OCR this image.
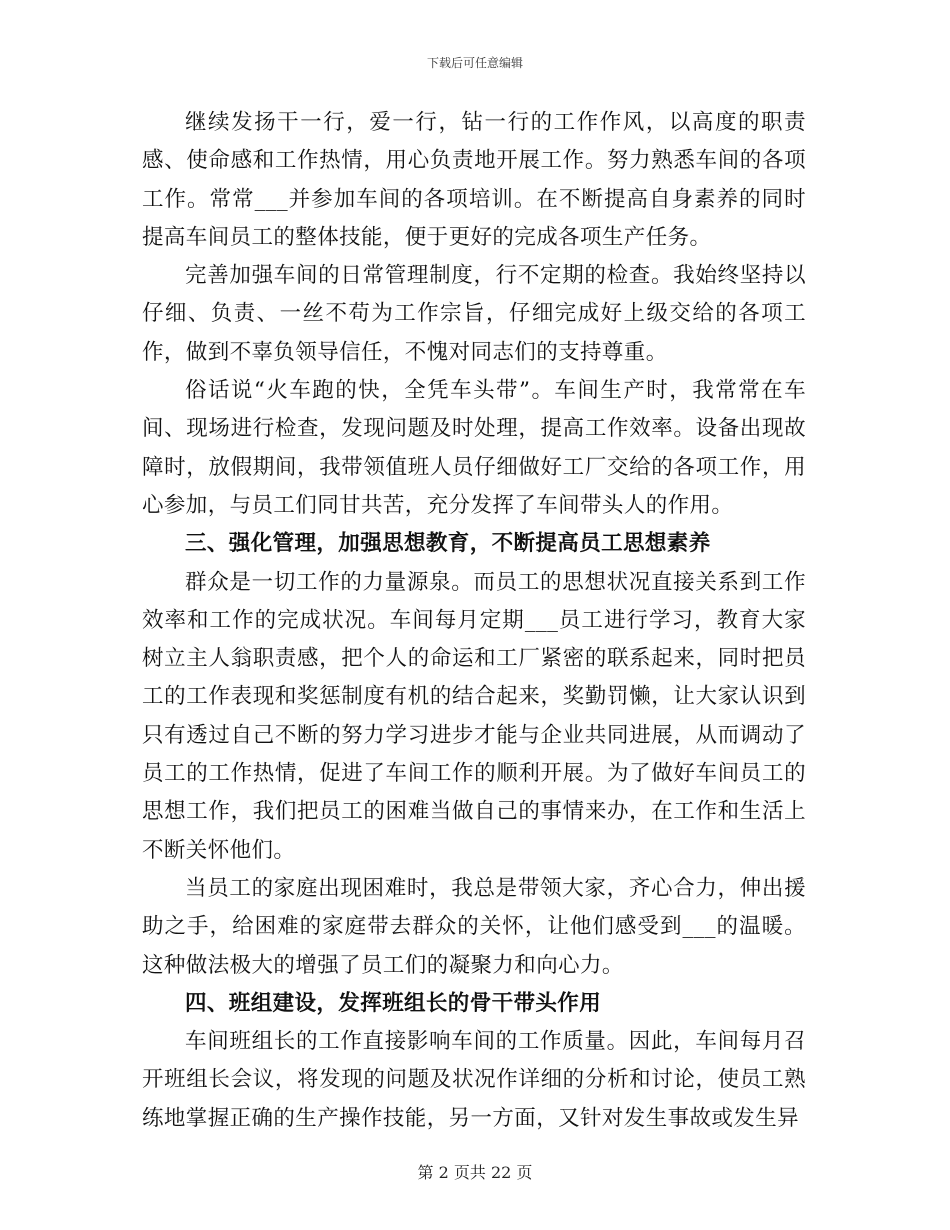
下载后可任意编辑

继续发扬干一行，爱一行，钻一行的工作作风，以高度的职责感、使命感和工作热情，用心负责地开展工作。努力熟悉车间的各项工作。常常___并参加车间的各项培训。在不断提高自身素养的同时提高车间员工的整体技能，便于更好的完成各项生产任务。

完善加强车间的日常管理制度，行不定期的检查。我始终坚持以仔细、负责、一丝不苟为工作宗旨，仔细完成好上级交给的各项工作，做到不辜负领导信任，不愧对同志们的支持尊重。

俗话说“火车跑的快，全凭车头带”。车间生产时，我常常在车间、现场进行检查，发现问题及时处理，提高工作效率。设备出现故障时，放假期间，我带领值班人员仔细做好工厂交给的各项工作，用心参加，与员工们同甘共苦，充分发挥了车间带头人的作用。

三、强化管理，加强思想教育，不断提高员工思想素养

群众是一切工作的力量源泉。而员工的思想状况直接关系到工作效率和工作的完成状况。车间每月定期___员工进行学习，教育大家树立主人翁职责感，把个人的命运和工厂紧密的联系起来，同时把员工的工作表现和奖惩制度有机的结合起来，奖勤罚懒，让大家认识到只有透过自己不断的努力学习进步才能与企业共同进展，从而调动了员工的工作热情，促进了车间工作的顺利开展。为了做好车间员工的思想工作，我们把员工的困难当做自己的事情来办，在工作和生活上不断关怀他们。

当员工的家庭出现困难时，我总是带领大家，齐心合力，伸出援助之手，给困难的家庭带去群众的关怀，让他们感受到___的温暖。这种做法极大的增强了员工们的凝聚力和向心力。

四、班组建设，发挥班组长的骨干带头作用

车间班组长的工作直接影响车间的工作质量。因此，车间每月召开班组长会议，将发现的问题及状况作详细的分析和讨论，使员工熟练地掌握正确的生产操作技能，另一方面，又针对发生事故或发生异

第 2 页共 22 页
